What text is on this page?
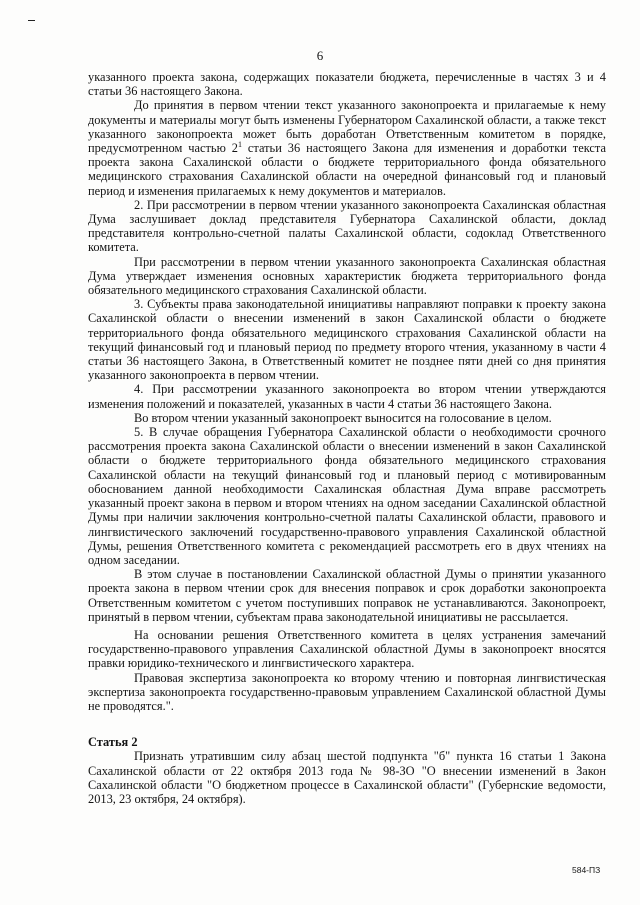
6

указанного проекта закона, содержащих показатели бюджета, перечисленные в частях 3 и 4 статьи 36 настоящего Закона.

До принятия в первом чтении текст указанного законопроекта и прилагаемые к нему документы и материалы могут быть изменены Губернатором Сахалинской области, а также текст указанного законопроекта может быть доработан Ответственным комитетом в порядке, предусмотренном частью $2^1$ статьи 36 настоящего Закона для изменения и доработки текста проекта закона Сахалинской области о бюджете территориального фонда обязательного медицинского страхования Сахалинской области на очередной финансовый год и плановый период и изменения прилагаемых к нему документов и материалов.

2. При рассмотрении в первом чтении указанного законопроекта Сахалинская областная Дума заслушивает доклад представителя Губернатора Сахалинской области, доклад представителя контрольно-счетной палаты Сахалинской области, содоклад Ответственного комитета.

При рассмотрении в первом чтении указанного законопроекта Сахалинская областная Дума утверждает изменения основных характеристик бюджета территориального фонда обязательного медицинского страхования Сахалинской области.

3. Субъекты права законодательной инициативы направляют поправки к проекту закона Сахалинской области о внесении изменений в закон Сахалинской области о бюджете территориального фонда обязательного медицинского страхования Сахалинской области на текущий финансовый год и плановый период по предмету второго чтения, указанному в части 4 статьи 36 настоящего Закона, в Ответственный комитет не позднее пяти дней со дня принятия указанного законопроекта в первом чтении.

4. При рассмотрении указанного законопроекта во втором чтении утверждаются изменения положений и показателей, указанных в части 4 статьи 36 настоящего Закона.

Во втором чтении указанный законопроект выносится на голосование в целом.

5. В случае обращения Губернатора Сахалинской области о необходимости срочного рассмотрения проекта закона Сахалинской области о внесении изменений в закон Сахалинской области о бюджете территориального фонда обязательного медицинского страхования Сахалинской области на текущий финансовый год и плановый период с мотивированным обоснованием данной необходимости Сахалинская областная Дума вправе рассмотреть указанный проект закона в первом и втором чтениях на одном заседании Сахалинской областной Думы при наличии заключения контрольно-счетной палаты Сахалинской области, правового и лингвистического заключений государственно-правового управления Сахалинской областной Думы, решения Ответственного комитета с рекомендацией рассмотреть его в двух чтениях на одном заседании.

В этом случае в постановлении Сахалинской областной Думы о принятии указанного проекта закона в первом чтении срок для внесения поправок и срок доработки законопроекта Ответственным комитетом с учетом поступивших поправок не устанавливаются. Законопроект, принятый в первом чтении, субъектам права законодательной инициативы не рассылается.

На основании решения Ответственного комитета в целях устранения замечаний государственно-правового управления Сахалинской областной Думы в законопроект вносятся правки юридико-технического и лингвистического характера.

Правовая экспертиза законопроекта ко второму чтению и повторная лингвистическая экспертиза законопроекта государственно-правовым управлением Сахалинской областной Думы не проводятся.".

Статья 2

Признать утратившим силу абзац шестой подпункта "б" пункта 16 статьи 1 Закона Сахалинской области от 22 октября 2013 года № 98-ЗО "О внесении изменений в Закон Сахалинской области "О бюджетном процессе в Сахалинской области" (Губернские ведомости, 2013, 23 октября, 24 октября).

584-ПЗ
